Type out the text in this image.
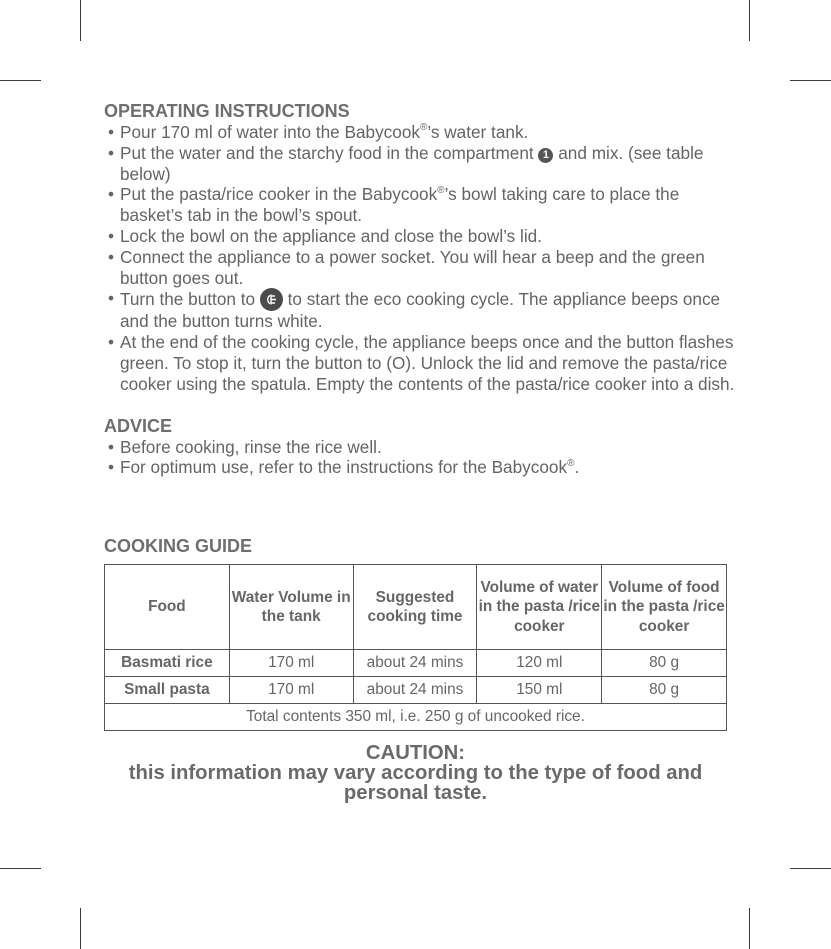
OPERATING INSTRUCTIONS
• Pour 170 ml of water into the Babycook®’s water tank.
• Put the water and the starchy food in the compartment 1 and mix. (see table below)
• Put the pasta/rice cooker in the Babycook®’s bowl taking care to place the basket’s tab in the bowl’s spout.
• Lock the bowl on the appliance and close the bowl’s lid.
• Connect the appliance to a power socket. You will hear a beep and the green button goes out.
• Turn the button to
to start the eco cooking cycle. The appliance beeps once and the button turns white.
• At the end of the cooking cycle, the appliance beeps once and the button flashes green. To stop it, turn the button to (O). Unlock the lid and remove the pasta/rice cooker using the spatula. Empty the contents of the pasta/rice cooker into a dish.
ADVICE
• Before cooking, rinse the rice well.
• For optimum use, refer to the instructions for the Babycook®.
COOKING GUIDE
Food	Water Volume in the tank	Suggested cooking time	Volume of water in the pasta /rice cooker	Volume of food in the pasta /rice cooker
Basmati rice	170 ml	about 24 mins	120 ml	80 g
Small pasta	170 ml	about 24 mins	150 ml	80 g
Total contents 350 ml, i.e. 250 g of uncooked rice.				
CAUTION:
this information may vary according to the type of food and personal taste.
